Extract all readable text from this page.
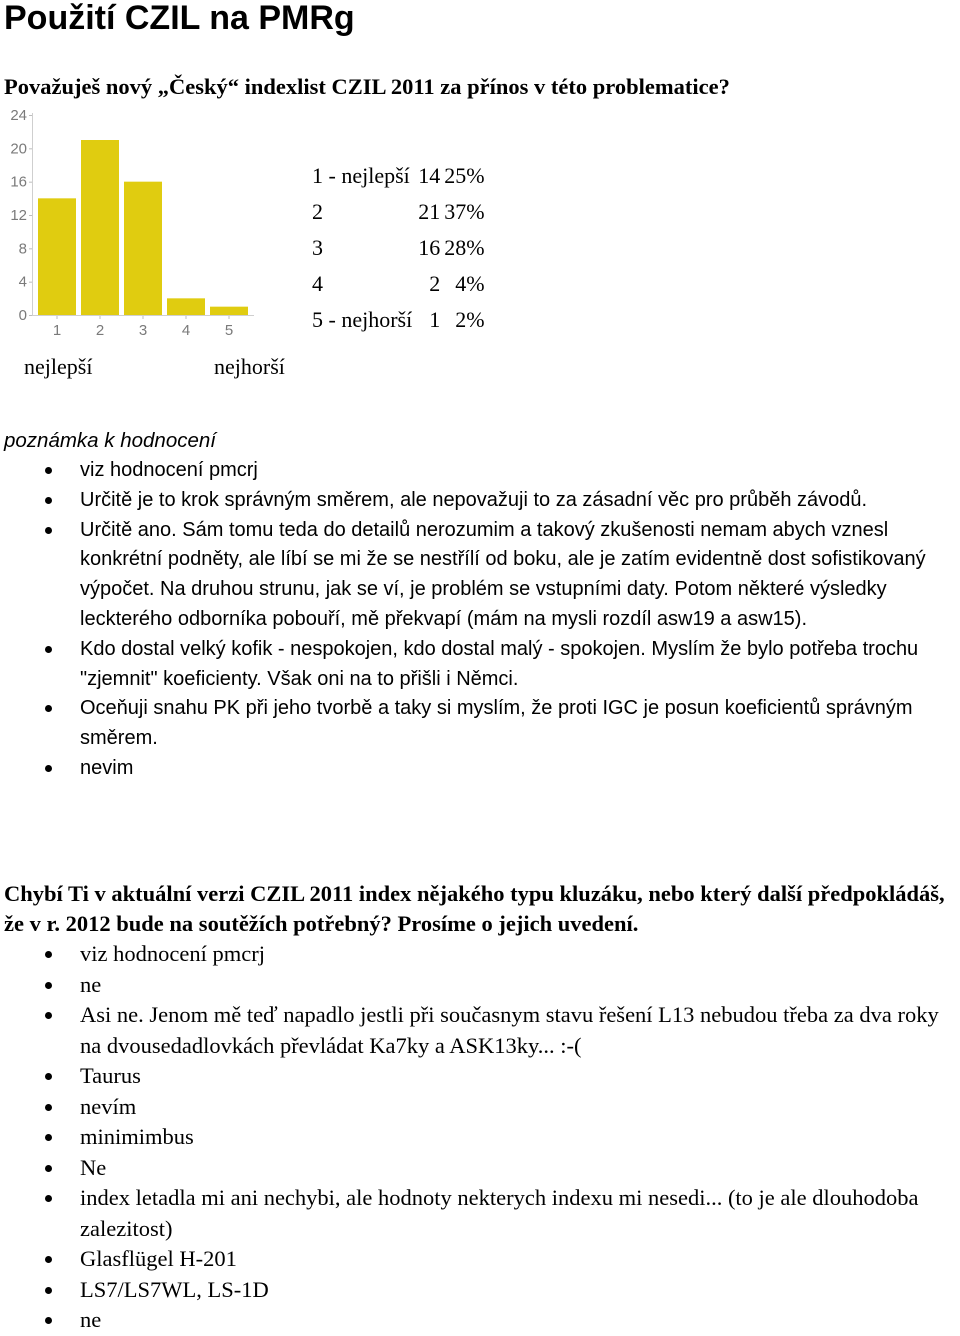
Použití CZIL na PMRg

Považuješ nový „Český“ indexlist CZIL 2011 za přínos v této problematice?

0
4
8
12
16
20
24
1 2 3 4 5
1 - nejlepší	14	25%
2	21	37%
3	16	28%
4	2	4%
5 - nejhorší	1	2%
nejlepší	nejhorší
poznámka k hodnocení
viz hodnocení pmcrj
Určitě je to krok správným směrem, ale nepovažuji to za zásadní věc pro průběh závodů.
Určitě ano. Sám tomu teda do detailů nerozumim a takový zkušenosti nemam abych vznesl konkrétní podněty, ale líbí se mi že se nestřílí od boku, ale je zatím evidentně dost sofistikovaný výpočet. Na druhou strunu, jak se ví, je problém se vstupními daty. Potom některé výsledky leckterého odborníka pobouří, mě překvapí (mám na mysli rozdíl asw19 a asw15).
Kdo dostal velký kofik - nespokojen, kdo dostal malý - spokojen. Myslím že bylo potřeba trochu "zjemnit" koeficienty. Však oni na to přišli i Němci.
Oceňuji snahu PK při jeho tvorbě a taky si myslím, že proti IGC je posun koeficientů správným směrem.
nevim

Chybí Ti v aktuální verzi CZIL 2011 index nějakého typu kluzáku, nebo který další předpokládáš, že v r. 2012 bude na soutěžích potřebný? Prosíme o jejich uvedení.

viz hodnocení pmcrj
ne
Asi ne. Jenom mě teď napadlo jestli při současnym stavu řešení L13 nebudou třeba za dva roky na dvousedadlovkách převládat Ka7ky a ASK13ky... :-(
Taurus
nevím
minimimbus
Ne
index letadla mi ani nechybi, ale hodnoty nekterych indexu mi nesedi... (to je ale dlouhodoba zalezitost)
Glasflügel H-201
LS7/LS7WL, LS-1D
ne
